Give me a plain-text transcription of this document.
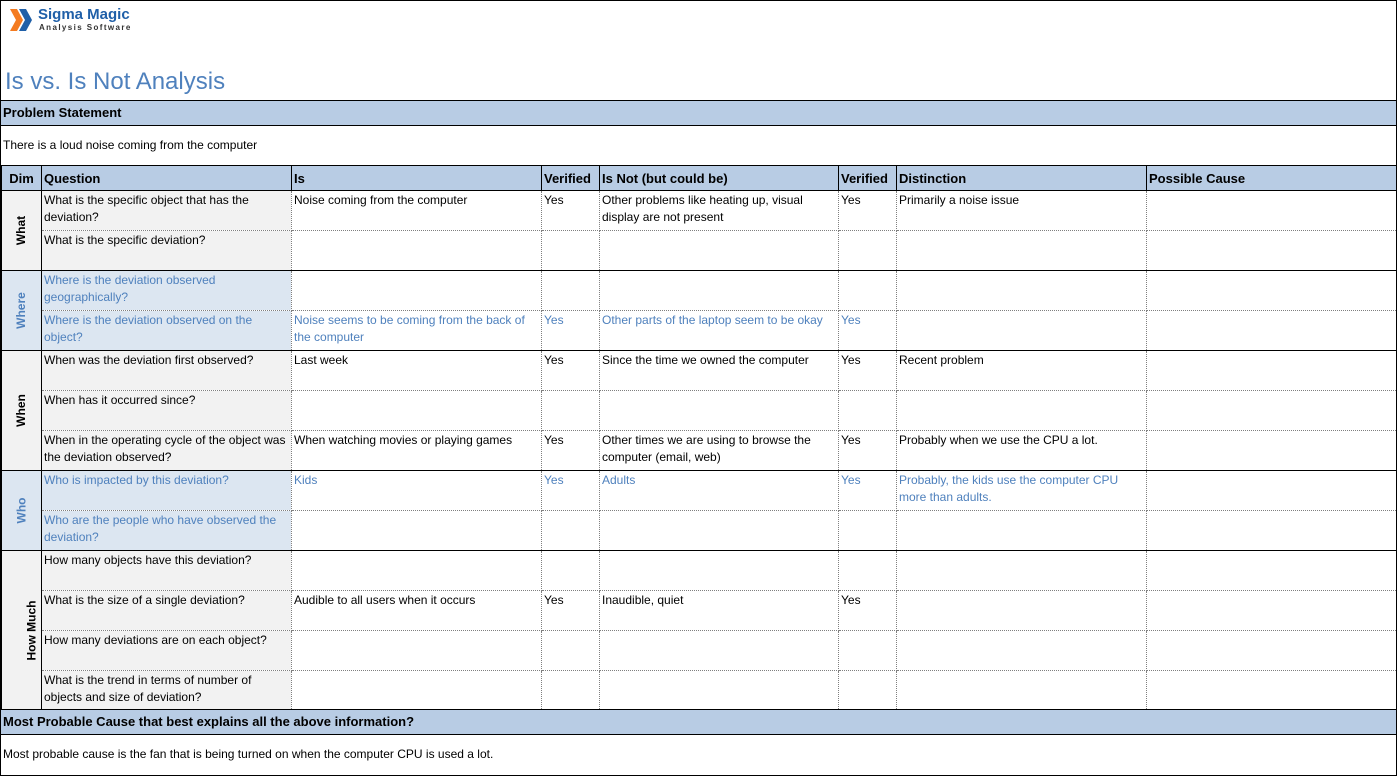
Sigma Magic
Analysis Software
Is vs. Is Not Analysis
Problem Statement
There is a loud noise coming from the computer
Dim	Question	Is	Verified	Is Not (but could be)	Verified	Distinction	Possible Cause
What	What is the specific object that has the deviation?	Noise coming from the computer	Yes	Other problems like heating up, visual display are not present	Yes	Primarily a noise issue	
	What is the specific deviation?						
Where	Where is the deviation observed geographically?						
	Where is the deviation observed on the object?	Noise seems to be coming from the back of the computer	Yes	Other parts of the laptop seem to be okay	Yes		
When	When was the deviation first observed?	Last week	Yes	Since the time we owned the computer	Yes	Recent problem	
	When has it occurred since?						
	When in the operating cycle of the object was the deviation observed?	When watching movies or playing games	Yes	Other times we are using to browse the computer (email, web)	Yes	Probably when we use the CPU a lot.	
Who	Who is impacted by this deviation?	Kids	Yes	Adults	Yes	Probably, the kids use the computer CPU more than adults.	
	Who are the people who have observed the deviation?						
How Much	How many objects have this deviation?						
	What is the size of a single deviation?	Audible to all users when it occurs	Yes	Inaudible, quiet	Yes		
	How many deviations are on each object?						
	What is the trend in terms of number of objects and size of deviation?						
Most Probable Cause that best explains all the above information?
Most probable cause is the fan that is being turned on when the computer CPU is used a lot.
